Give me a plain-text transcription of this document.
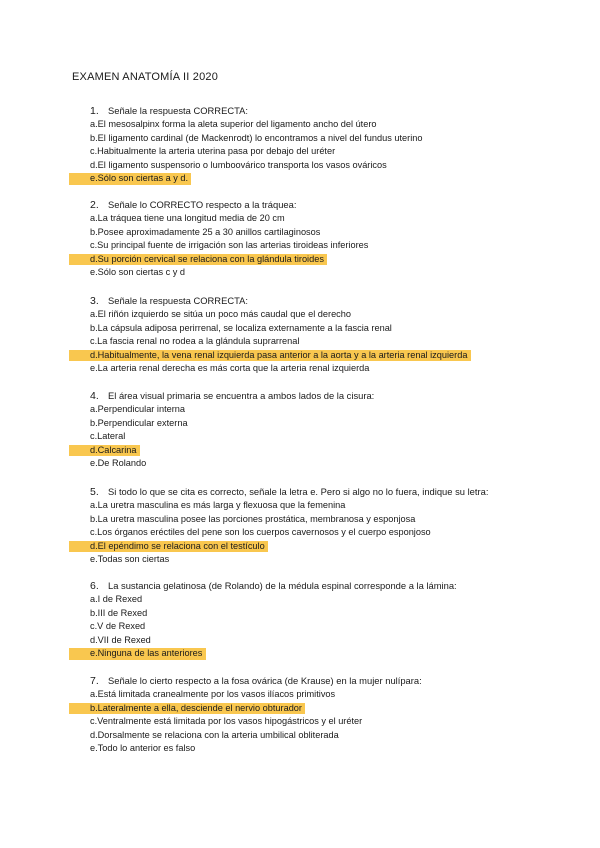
EXAMEN ANATOMÍA II 2020
1. Señale la respuesta CORRECTA:
a.El mesosalpinx forma la aleta superior del ligamento ancho del útero
b.El ligamento cardinal (de Mackenrodt) lo encontramos a nivel del fundus uterino
c.Habitualmente la arteria uterina pasa por debajo del uréter
d.El ligamento suspensorio o lumboovárico transporta los vasos ováricos
e.Sólo son ciertas a y d.
2. Señale lo CORRECTO respecto a la tráquea:
a.La tráquea tiene una longitud media de 20 cm
b.Posee aproximadamente 25 a 30 anillos cartilaginosos
c.Su principal fuente de irrigación son las arterias tiroideas inferiores
d.Su porción cervical se relaciona con la glándula tiroides
e.Sólo son ciertas c y d
3. Señale la respuesta CORRECTA:
a.El riñón izquierdo se sitúa un poco más caudal que el derecho
b.La cápsula adiposa perirrenal, se localiza externamente a la fascia renal
c.La fascia renal no rodea a la glándula suprarrenal
d.Habitualmente, la vena renal izquierda pasa anterior a la aorta y a la arteria renal izquierda
e.La arteria renal derecha es más corta que la arteria renal izquierda
4. El área visual primaria se encuentra a ambos lados de la cisura:
a.Perpendicular interna
b.Perpendicular externa
c.Lateral
d.Calcarina
e.De Rolando
5. Si todo lo que se cita es correcto, señale la letra e. Pero si algo no lo fuera, indique su letra:
a.La uretra masculina es más larga y flexuosa que la femenina
b.La uretra masculina posee las porciones prostática, membranosa y esponjosa
c.Los órganos eréctiles del pene son los cuerpos cavernosos y el cuerpo esponjoso
d.El epéndimo se relaciona con el testículo
e.Todas son ciertas
6. La sustancia gelatinosa (de Rolando) de la médula espinal corresponde a la lámina:
a.I de Rexed
b.III de Rexed
c.V de Rexed
d.VII de Rexed
e.Ninguna de las anteriores
7. Señale lo cierto respecto a la fosa ovárica (de Krause) en la mujer nulípara:
a.Está limitada cranealmente por los vasos ilíacos primitivos
b.Lateralmente a ella, desciende el nervio obturador
c.Ventralmente está limitada por los vasos hipogástricos y el uréter
d.Dorsalmente se relaciona con la arteria umbilical obliterada
e.Todo lo anterior es falso
